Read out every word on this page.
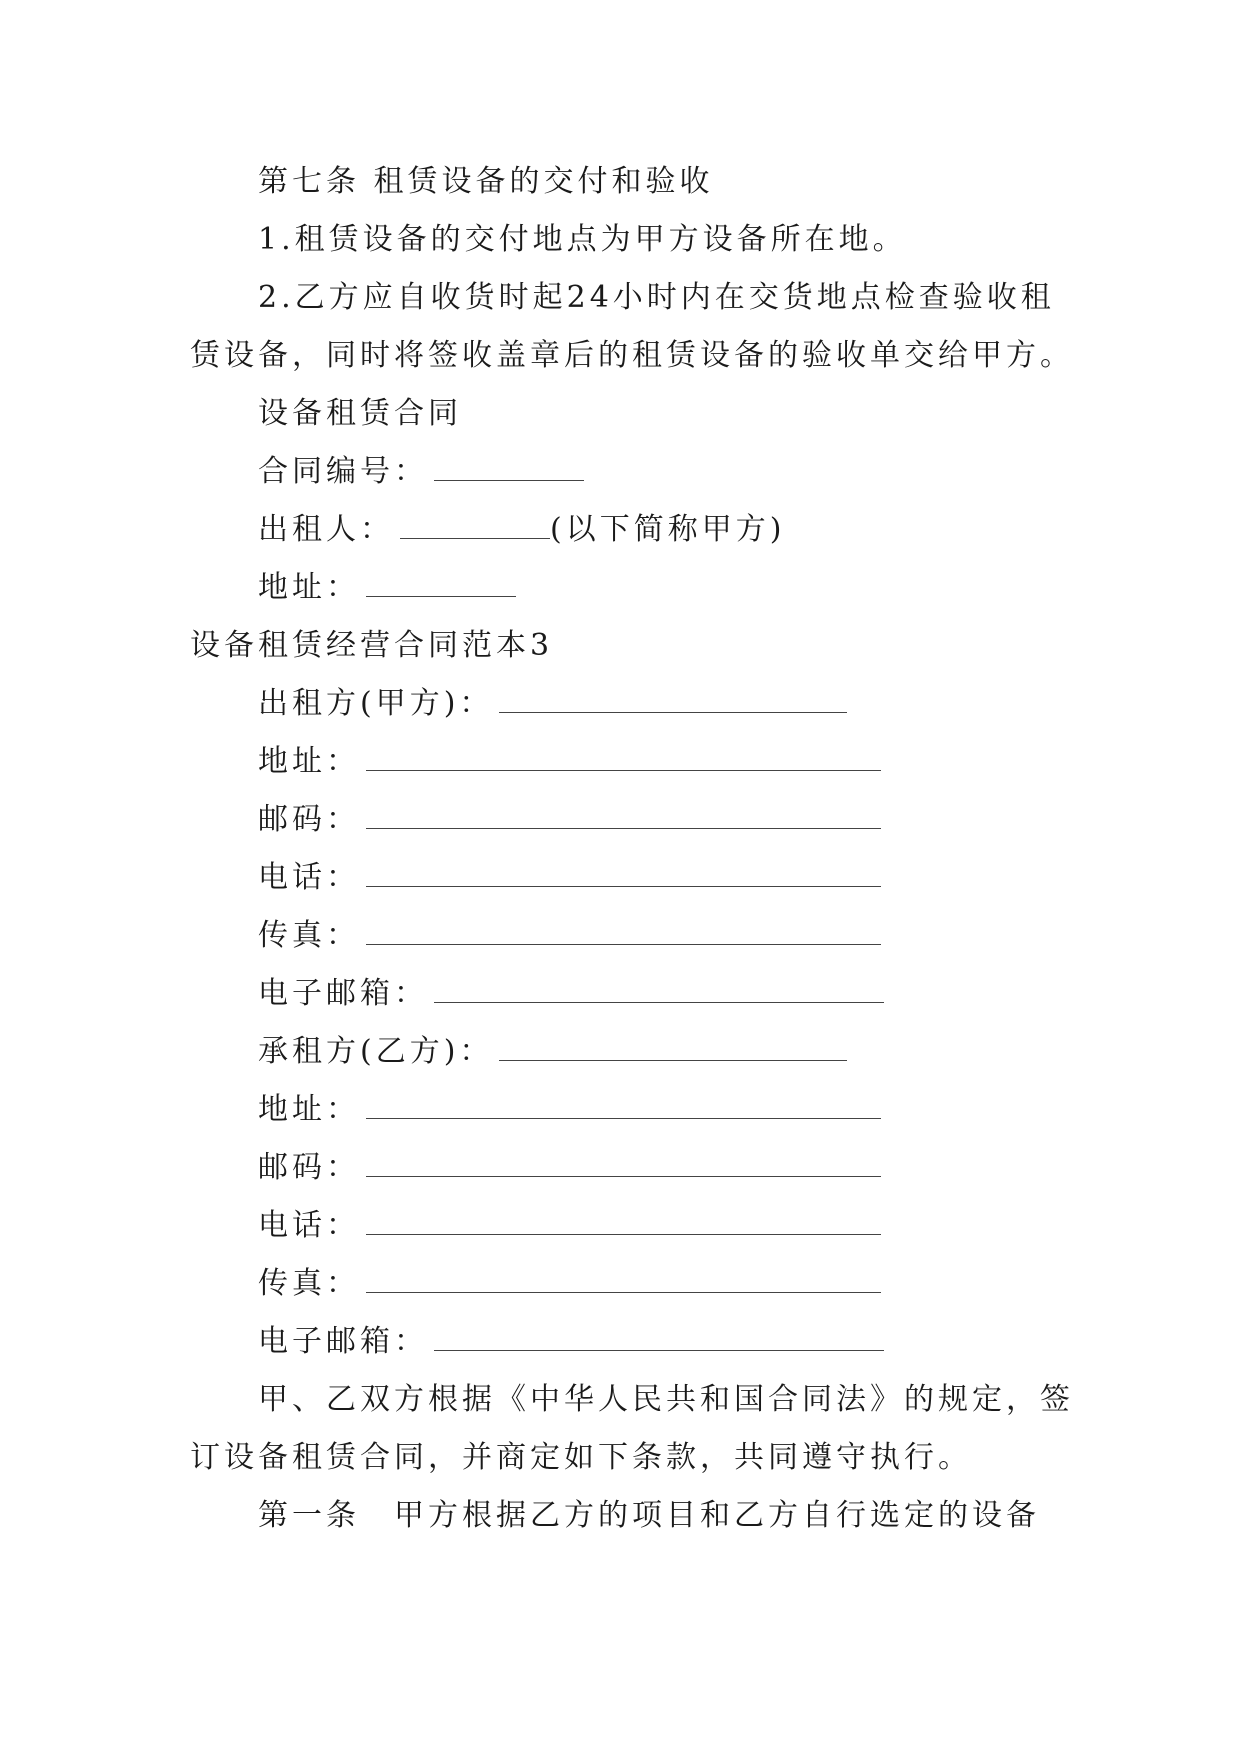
第七条 租赁设备的交付和验收
1.租赁设备的交付地点为甲方设备所在地。
2.乙方应自收货时起24小时内在交货地点检查验收租
赁设备，同时将签收盖章后的租赁设备的验收单交给甲方。
设备租赁合同
合同编号：
出租人：	(以下简称甲方)
地址：
设备租赁经营合同范本3
出租方(甲方)：
地址：
邮码：
电话：
传真：
电子邮箱：
承租方(乙方)：
地址：
邮码：
电话：
传真：
电子邮箱：
甲、乙双方根据《中华人民共和国合同法》的规定，签
订设备租赁合同，并商定如下条款，共同遵守执行。
第一条　甲方根据乙方的项目和乙方自行选定的设备
